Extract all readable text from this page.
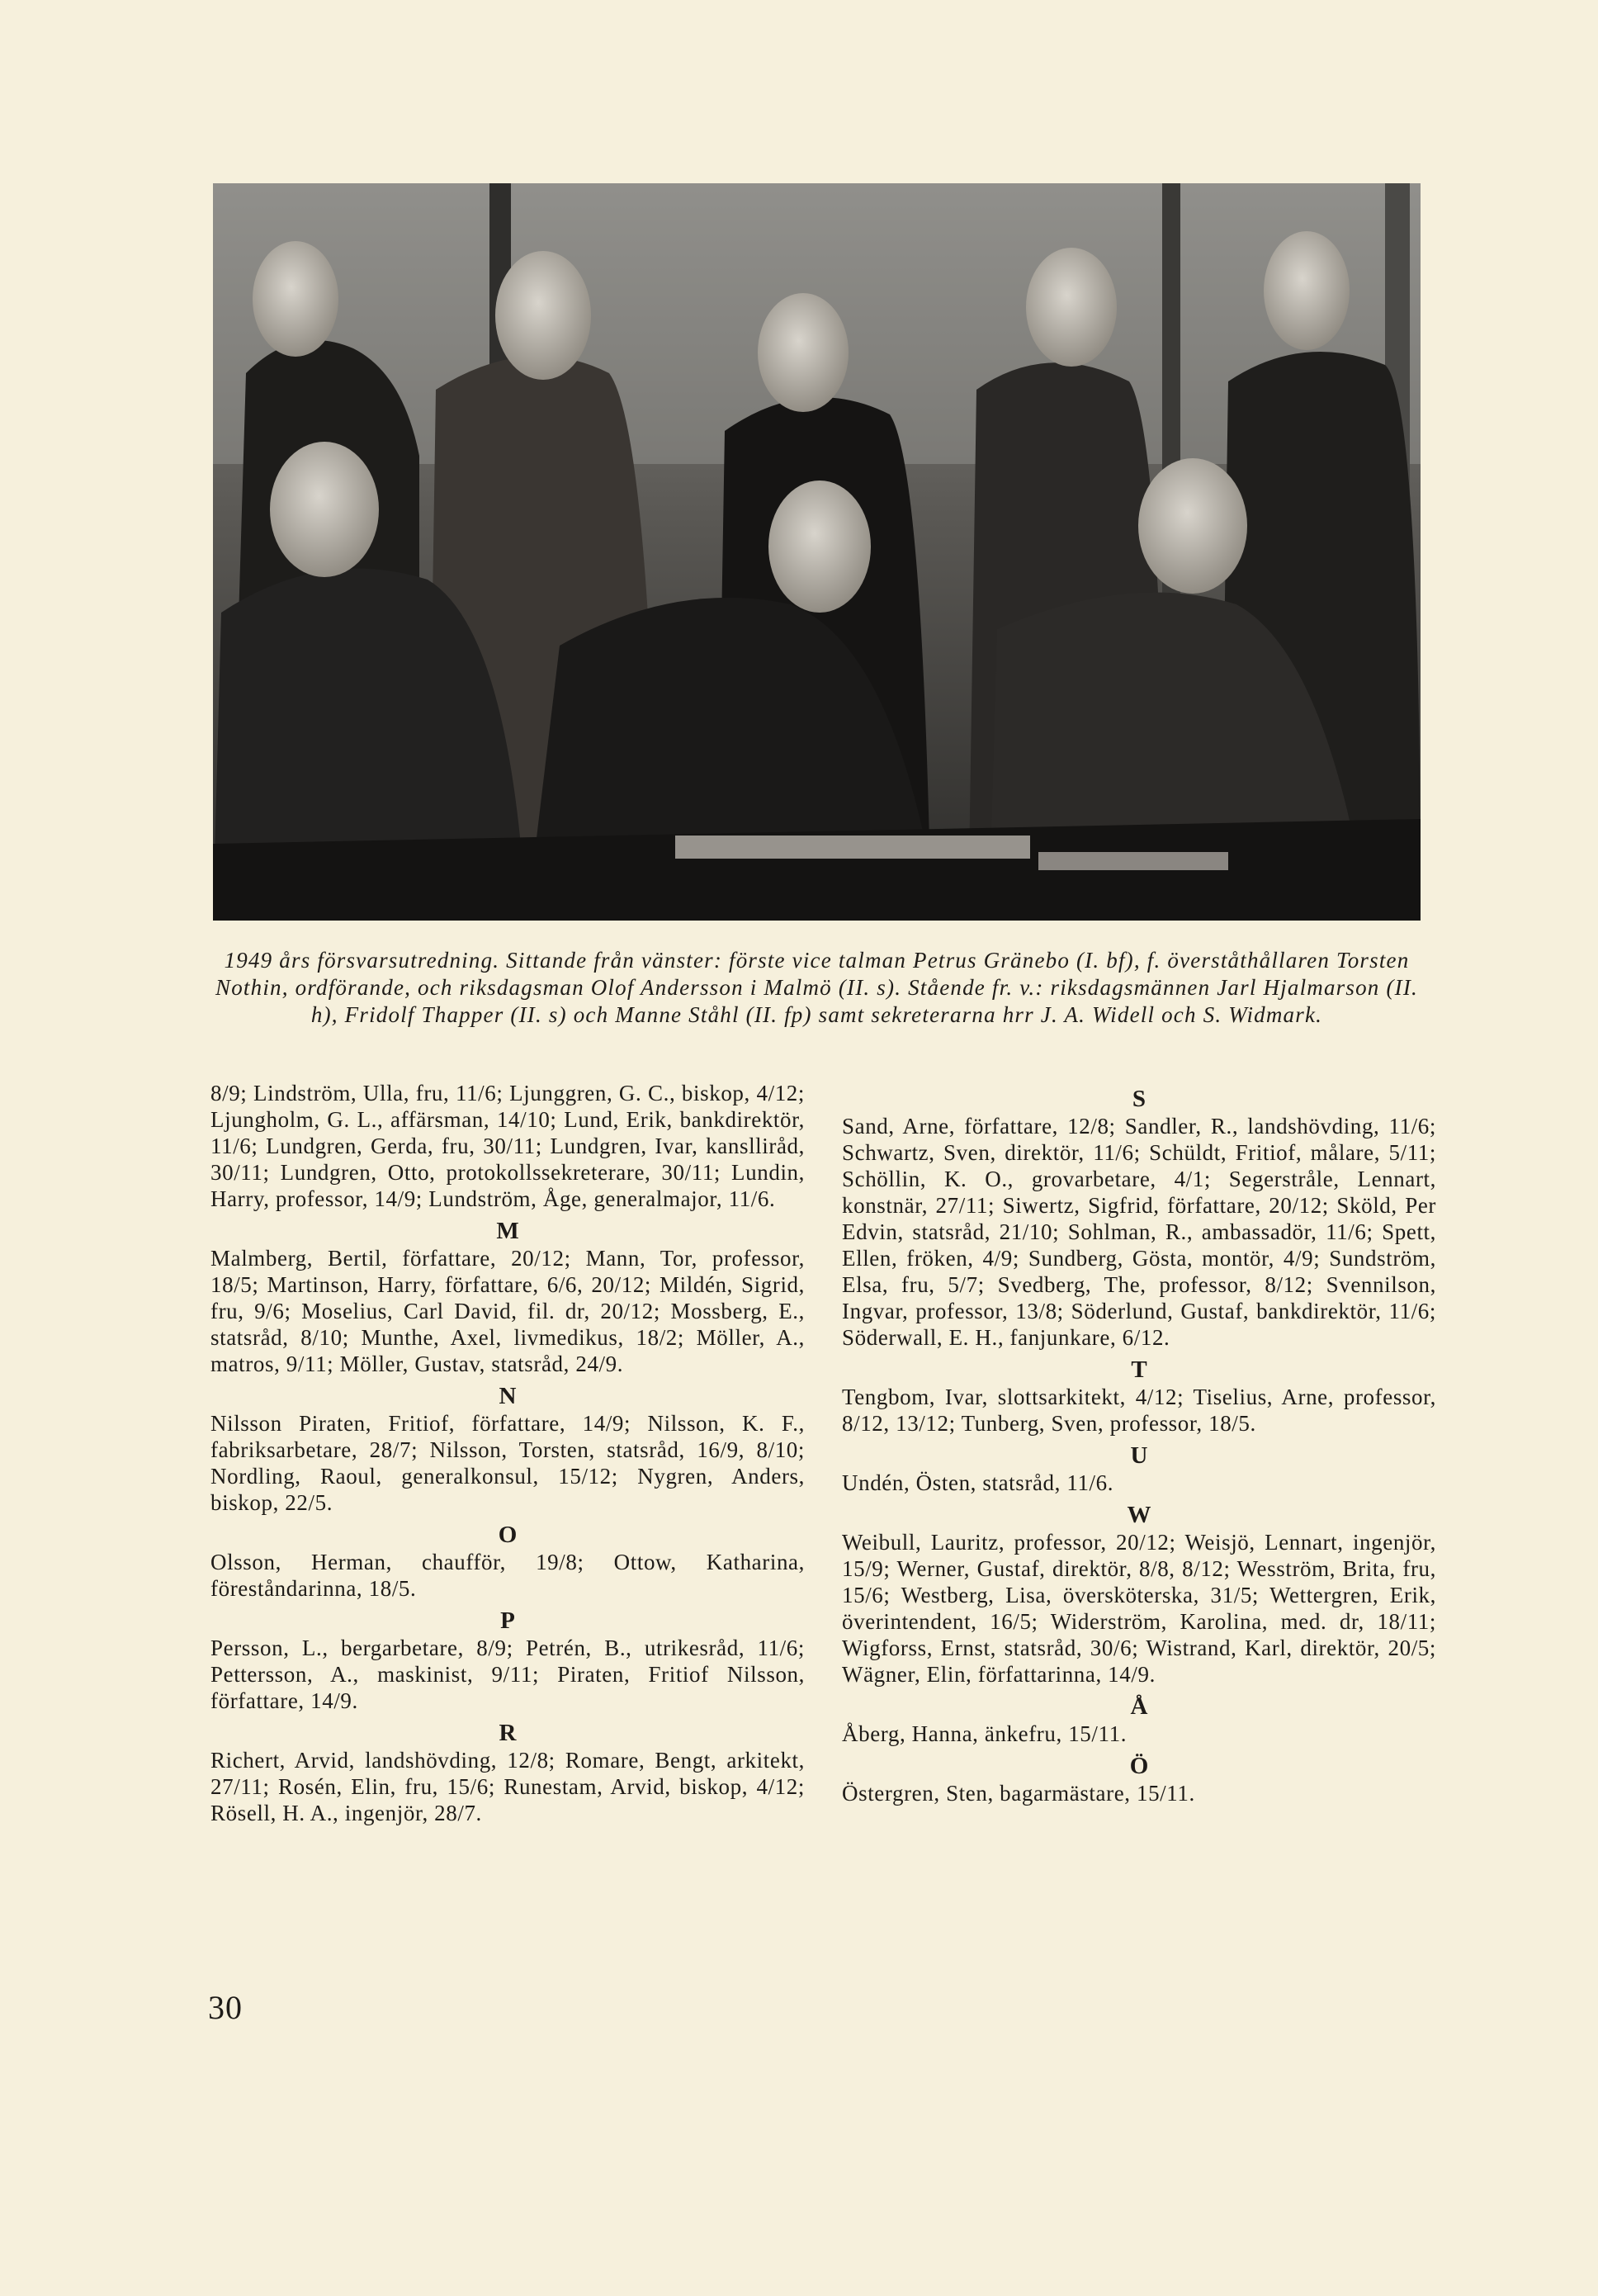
1949 års försvarsutredning. Sittande från vänster: förste vice talman Petrus Gränebo (I. bf), f. överståthållaren Torsten Nothin, ordförande, och riksdagsman Olof Andersson i Malmö (II. s). Stående fr. v.: riksdagsmännen Jarl Hjalmarson (II. h), Fridolf Thapper (II. s) och Manne Ståhl (II. fp) samt sekreterarna hrr J. A. Widell och S. Widmark.

8/9; Lindström, Ulla, fru, 11/6; Ljunggren, G. C., biskop, 4/12; Ljungholm, G. L., affärsman, 14/10; Lund, Erik, bankdirektör, 11/6; Lundgren, Gerda, fru, 30/11; Lundgren, Ivar, kanslliråd, 30/11; Lundgren, Otto, protokollssekreterare, 30/11; Lundin, Harry, professor, 14/9; Lundström, Åge, generalmajor, 11/6.

M

Malmberg, Bertil, författare, 20/12; Mann, Tor, professor, 18/5; Martinson, Harry, författare, 6/6, 20/12; Mildén, Sigrid, fru, 9/6; Moselius, Carl David, fil. dr, 20/12; Mossberg, E., statsråd, 8/10; Munthe, Axel, livmedikus, 18/2; Möller, A., matros, 9/11; Möller, Gustav, statsråd, 24/9.

N

Nilsson Piraten, Fritiof, författare, 14/9; Nilsson, K. F., fabriksarbetare, 28/7; Nilsson, Torsten, statsråd, 16/9, 8/10; Nordling, Raoul, generalkonsul, 15/12; Nygren, Anders, biskop, 22/5.

O

Olsson, Herman, chaufför, 19/8; Ottow, Katharina, föreståndarinna, 18/5.

P

Persson, L., bergarbetare, 8/9; Petrén, B., utrikesråd, 11/6; Pettersson, A., maskinist, 9/11; Piraten, Fritiof Nilsson, författare, 14/9.

R

Richert, Arvid, landshövding, 12/8; Romare, Bengt, arkitekt, 27/11; Rosén, Elin, fru, 15/6; Runestam, Arvid, biskop, 4/12; Rösell, H. A., ingenjör, 28/7.

S

Sand, Arne, författare, 12/8; Sandler, R., landshövding, 11/6; Schwartz, Sven, direktör, 11/6; Schüldt, Fritiof, målare, 5/11; Schöllin, K. O., grovarbetare, 4/1; Segerstråle, Lennart, konstnär, 27/11; Siwertz, Sigfrid, författare, 20/12; Sköld, Per Edvin, statsråd, 21/10; Sohlman, R., ambassadör, 11/6; Spett, Ellen, fröken, 4/9; Sundberg, Gösta, montör, 4/9; Sundström, Elsa, fru, 5/7; Svedberg, The, professor, 8/12; Svennilson, Ingvar, professor, 13/8; Söderlund, Gustaf, bankdirektör, 11/6; Söderwall, E. H., fanjunkare, 6/12.

T

Tengbom, Ivar, slottsarkitekt, 4/12; Tiselius, Arne, professor, 8/12, 13/12; Tunberg, Sven, professor, 18/5.

U

Undén, Östen, statsråd, 11/6.

W

Weibull, Lauritz, professor, 20/12; Weisjö, Lennart, ingenjör, 15/9; Werner, Gustaf, direktör, 8/8, 8/12; Wesström, Brita, fru, 15/6; Westberg, Lisa, översköterska, 31/5; Wettergren, Erik, överintendent, 16/5; Widerström, Karolina, med. dr, 18/11; Wigforss, Ernst, statsråd, 30/6; Wistrand, Karl, direktör, 20/5; Wägner, Elin, författarinna, 14/9.

Å

Åberg, Hanna, änkefru, 15/11.

Ö

Östergren, Sten, bagarmästare, 15/11.

30
